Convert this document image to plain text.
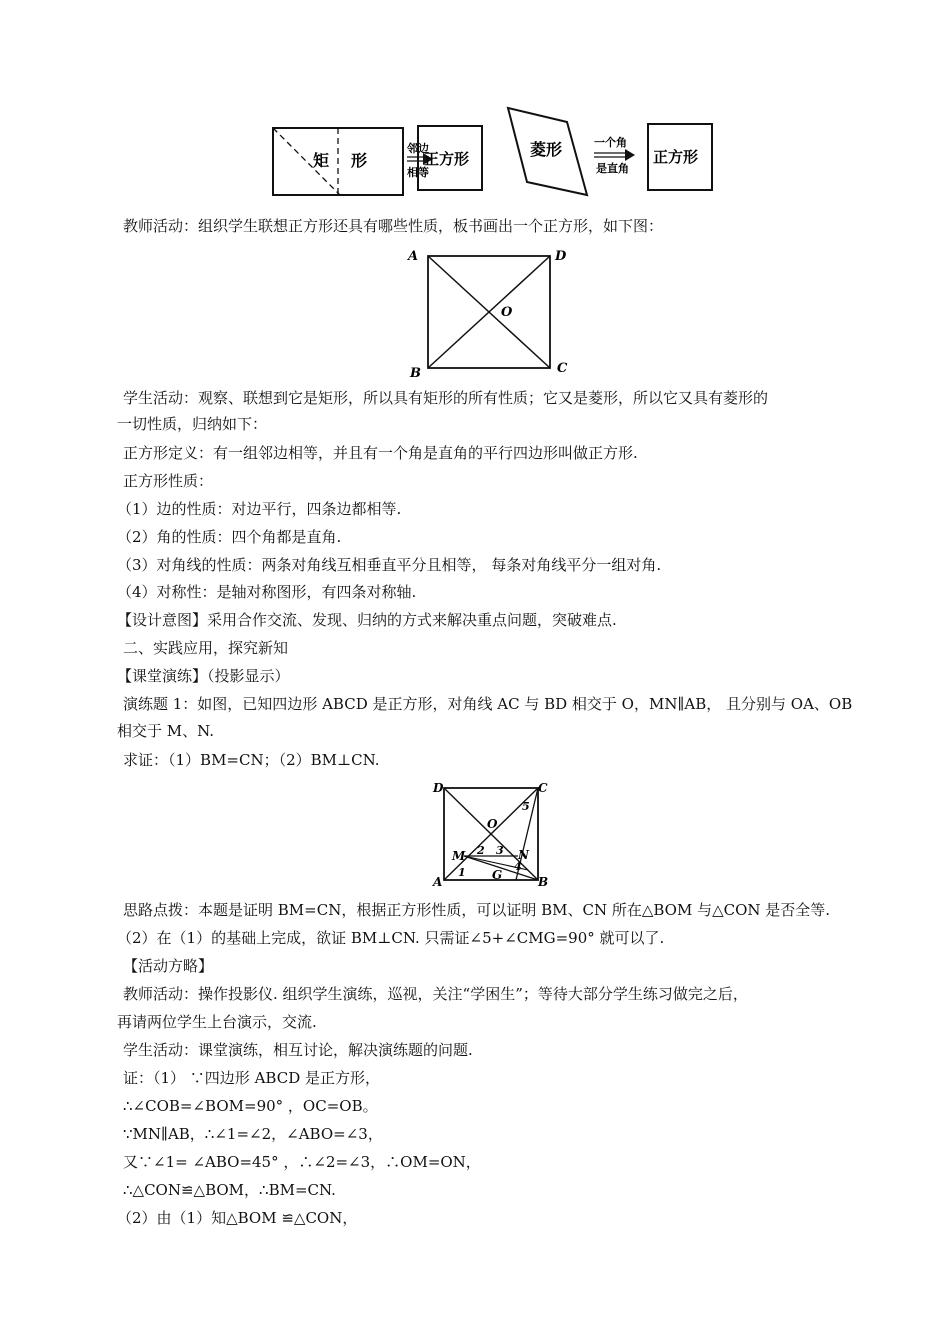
矩 形
邻边
相等
正方形	菱形	一个角
是直角
正方形
教师活动：组织学生联想正方形还具有哪些性质，板书画出一个正方形，如下图：
A	D
B	C
O
学生活动：观察、联想到它是矩形，所以具有矩形的所有性质；它又是菱形，所以它又具有菱形的
一切性质，归纳如下：
正方形定义：有一组邻边相等，并且有一个角是直角的平行四边形叫做正方形.
正方形性质：
（1）边的性质：对边平行，四条边都相等.
（2）角的性质：四个角都是直角.
（3）对角线的性质：两条对角线互相垂直平分且相等， 每条对角线平分一组对角.
（4）对称性：是轴对称图形，有四条对称轴.
【设计意图】采用合作交流、发现、归纳的方式来解决重点问题，突破难点.
二、实践应用，探究新知
【课堂演练】（投影显示）
演练题 1：如图，已知四边形 ABCD 是正方形，对角线 AC 与 BD 相交于 O，MN∥AB， 且分别与 OA、OB
相交于 M、N.
求证：（1）BM=CN；（2）BM⊥CN.
D	C
O
M	N
A	B
G
1
2 3
4
5
思路点拨：本题是证明 BM=CN，根据正方形性质，可以证明 BM、CN 所在△BOM 与△CON 是否全等.
（2）在（1）的基础上完成，欲证 BM⊥CN. 只需证∠5+∠CMG=90° 就可以了.
【活动方略】
教师活动：操作投影仪. 组织学生演练，巡视，关注“学困生”；等待大部分学生练习做完之后，
再请两位学生上台演示，交流.
学生活动：课堂演练，相互讨论，解决演练题的问题.
证：（1） ∵四边形 ABCD 是正方形，
∴∠COB=∠BOM=90° ，OC=OB。
∵MN∥AB，∴∠1=∠2，∠ABO=∠3，
又∵∠1= ∠ABO=45° ，∴∠2=∠3，∴OM=ON，
∴△CON≌△BOM，∴BM=CN.
（2）由（1）知△BOM ≌△CON，
